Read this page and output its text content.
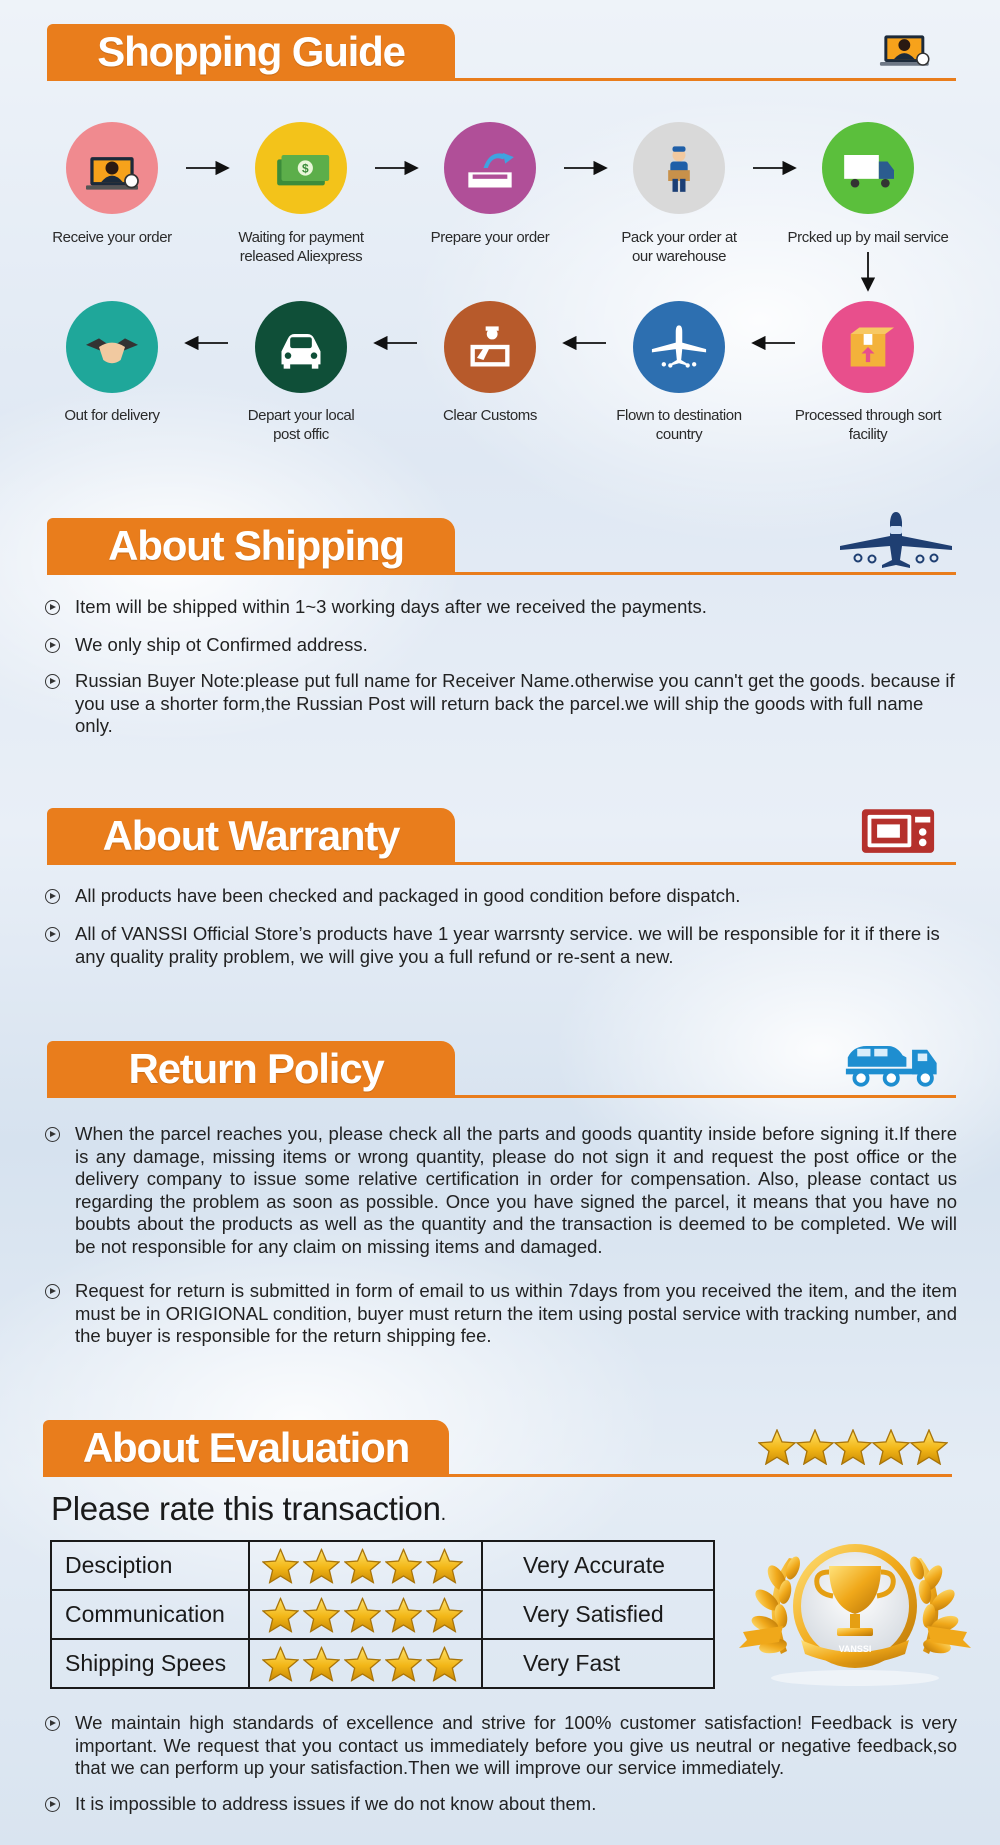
Shopping Guide
Receive your order
$
Waiting for payment released Aliexpress
Prepare your order	Pack your order at our warehouse
Prcked up by mail service
Processed through sort facility
Flown to destination country
Clear Customs
Depart your local post offic
Out for delivery
About Shipping
Item will be shipped within 1~3 working days after we received the payments.
We only ship ot Confirmed address.
Russian Buyer Note:please put full name for Receiver Name.otherwise you cann't get the goods. because if you use a shorter form,the Russian Post will return back the parcel.we will ship the goods with full name only.
About Warranty
All products have been checked and packaged in good condition before dispatch.
All of VANSSI Official Store’s products have 1 year warrsnty service. we will be responsible for it if there is any quality prality problem, we will give you a full refund or re-sent a new.
Return Policy
When the parcel reaches you, please check all the parts and goods quantity inside before signing it.If there is any damage, missing items or wrong quantity, please do not sign it and request the post office or the delivery company to issue some relative certification in order for compensation. Also, please contact us regarding the problem as soon as possible. Once you have signed the parcel, it means that you have no boubts about the products as well as the quantity and the transaction is deemed to be completed. We will be not responsible for any claim on missing items and damaged.
Request for return is submitted in form of email to us within 7days from you received the item, and the item must be in ORIGIONAL condition, buyer must return the item using postal service with tracking number, and the buyer is responsible for the return shipping fee.
About Evaluation
Please rate this transaction.
Desciption		Very Accurate
Communication		Very Satisfied
Shipping Spees		Very Fast
VANSSI
We maintain high standards of excellence and strive for 100% customer satisfaction! Feedback is very important. We request that you contact us immediately before you give us neutral or negative feedback,so that we can perform up your satisfaction.Then we will improve our service immediately.
It is impossible to address issues if we do not know about them.
